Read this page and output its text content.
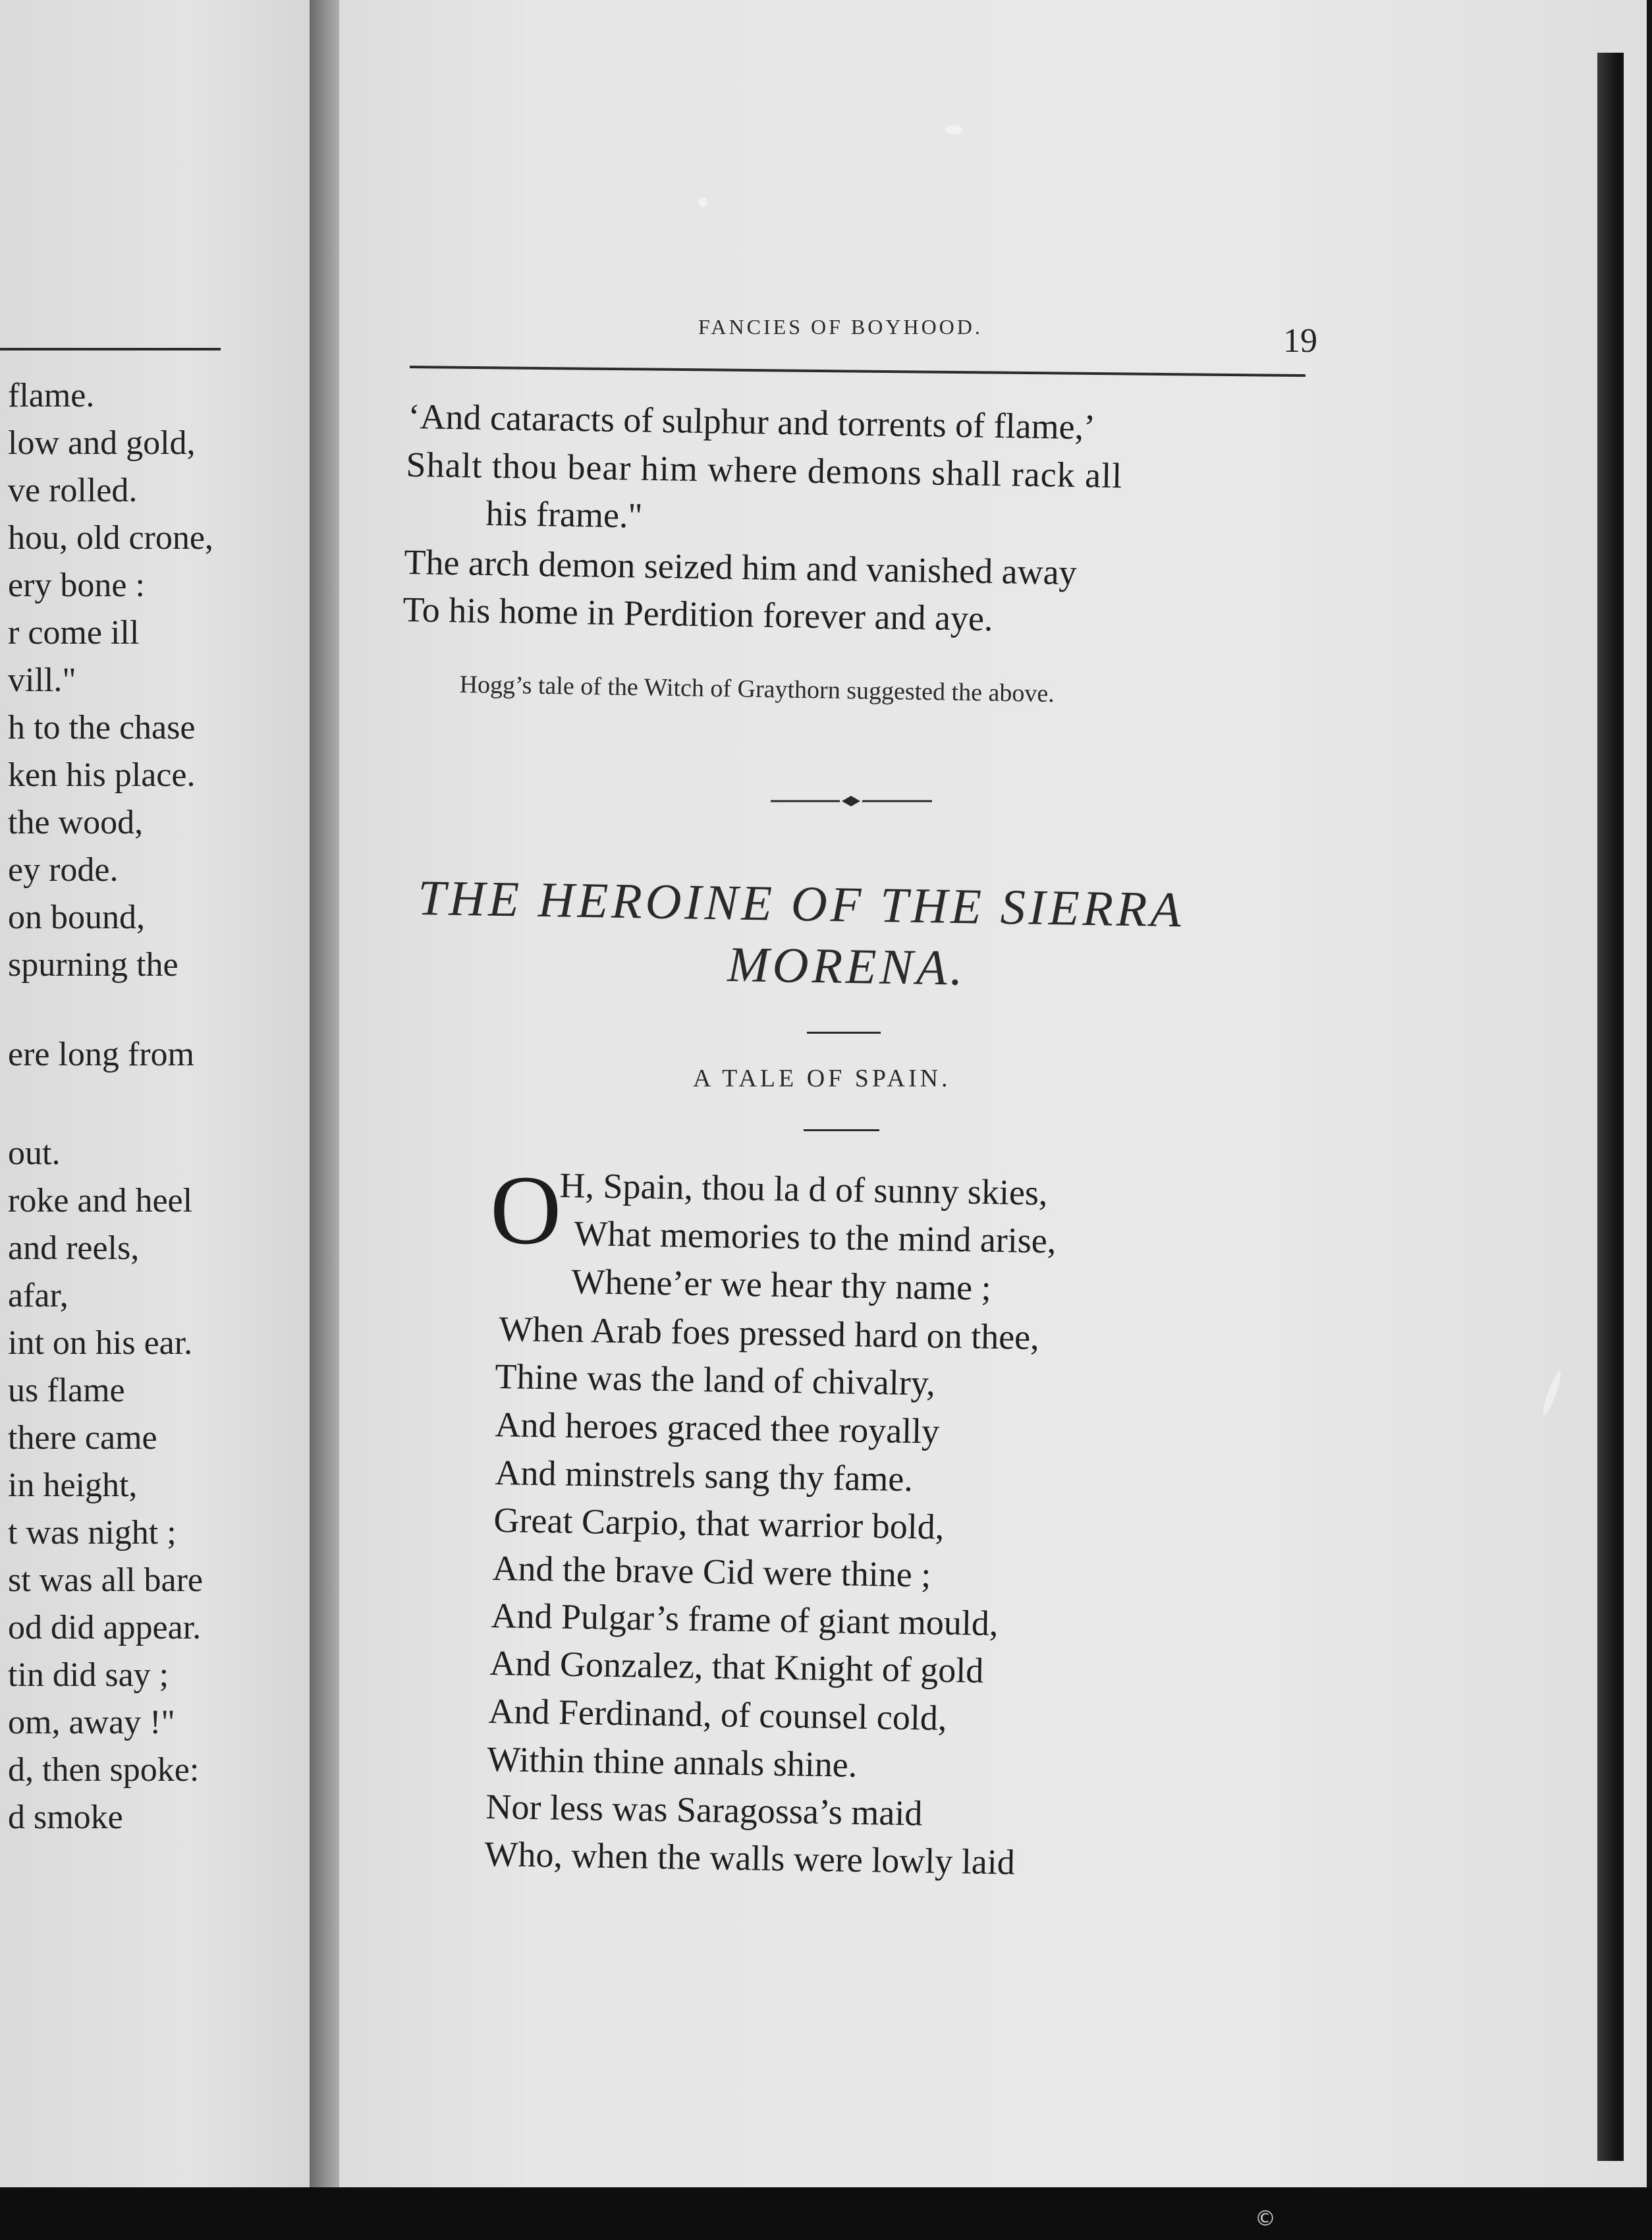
flame.
low and gold,
ve rolled.
hou, old crone,
ery bone :
r come ill
vill."
h to the chase
ken his place.
the wood,
ey rode.
on bound,
spurning the
ere long from
out.
roke and heel
and reels,
afar,
int on his ear.
us flame
there came
in height,
t was night ;
st was all bare
od did appear.
tin did say ;
om, away !"
d, then spoke:
d smoke
FANCIES OF BOYHOOD.	19
‘And cataracts of sulphur and torrents of flame,’
Shalt thou bear him where demons shall rack all
his frame."
The arch demon seized him and vanished away
To his home in Perdition forever and aye.
Hogg’s tale of the Witch of Graythorn suggested the above.
THE HEROINE OF THE SIERRA
MORENA.
A TALE OF SPAIN.
O
H, Spain, thou la d of sunny skies,
What memories to the mind arise,
Whene’er we hear thy name ;
When Arab foes pressed hard on thee,
Thine was the land of chivalry,
And heroes graced thee royally
And minstrels sang thy fame.
Great Carpio, that warrior bold,
And the brave Cid were thine ;
And Pulgar’s frame of giant mould,
And Gonzalez, that Knight of gold
And Ferdinand, of counsel cold,
Within thine annals shine.
Nor less was Saragossa’s maid
Who, when the walls were lowly laid
©
